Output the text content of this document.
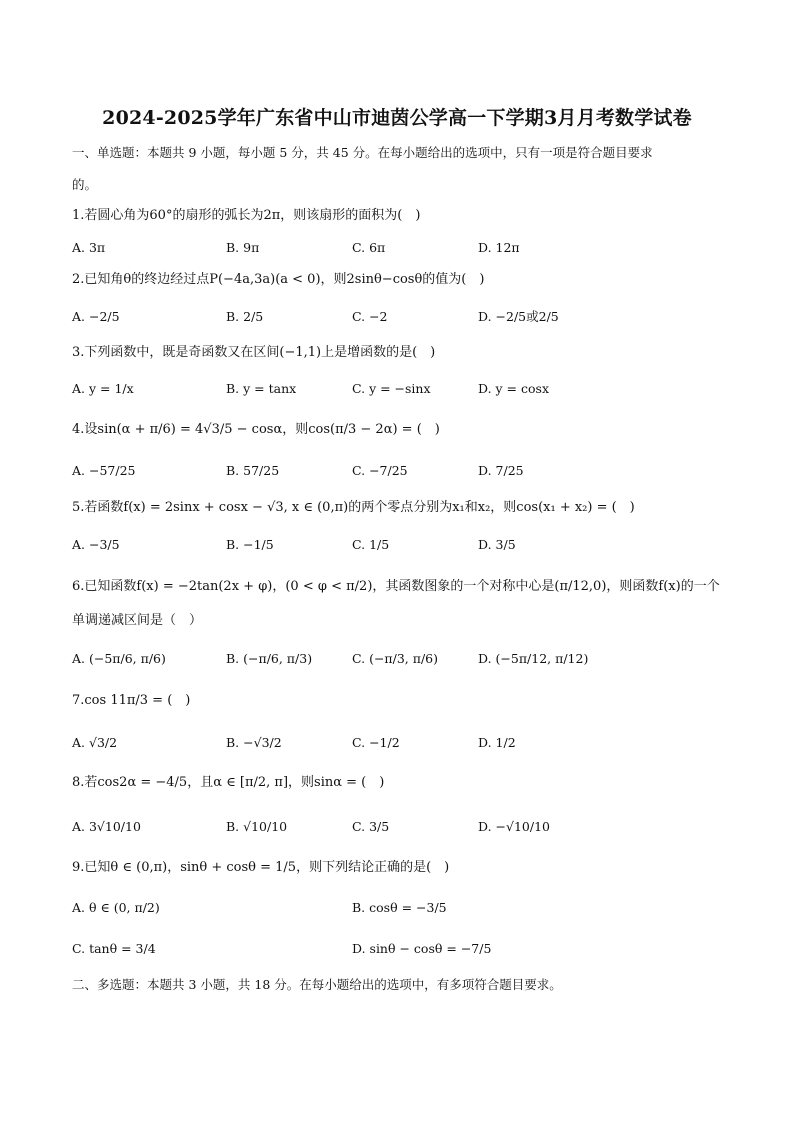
2024-2025学年广东省中山市迪茵公学高一下学期3月月考数学试卷
一、单选题：本题共 9 小题，每小题 5 分，共 45 分。在每小题给出的选项中，只有一项是符合题目要求
的。
1.若圆心角为60°的扇形的弧长为2π，则该扇形的面积为(　)
A. 3π	B. 9π	C. 6π	D. 12π
2.已知角θ的终边经过点P(−4a,3a)(a < 0)，则2sinθ−cosθ的值为(　)
A. −2/5	B. 2/5	C. −2	D. −2/5或2/5
3.下列函数中，既是奇函数又在区间(−1,1)上是增函数的是(　)
A. y = 1/x	B. y = tanx	C. y = −sinx	D. y = cosx
4.设sin(α + π/6) = 4√3/5 − cosα，则cos(π/3 − 2α) = (　)
A. −57/25	B. 57/25	C. −7/25	D. 7/25
5.若函数f(x) = 2sinx + cosx − √3, x ∈ (0,π)的两个零点分别为x₁和x₂，则cos(x₁ + x₂) = (　)
A. −3/5	B. −1/5	C. 1/5	D. 3/5
6.已知函数f(x) = −2tan(2x + φ)，(0 < φ < π/2)，其函数图象的一个对称中心是(π/12,0)，则函数f(x)的一个
单调递减区间是（　）
A. (−5π/6, π/6)	B. (−π/6, π/3)	C. (−π/3, π/6)	D. (−5π/12, π/12)
7.cos 11π/3 = (　)
A. √3/2	B. −√3/2	C. −1/2	D. 1/2
8.若cos2α = −4/5，且α ∈ [π/2, π]，则sinα = (　)
A. 3√10/10	B. √10/10	C. 3/5	D. −√10/10
9.已知θ ∈ (0,π)，sinθ + cosθ = 1/5，则下列结论正确的是(　)
A. θ ∈ (0, π/2)	B. cosθ = −3/5
C. tanθ = 3/4	D. sinθ − cosθ = −7/5
二、多选题：本题共 3 小题，共 18 分。在每小题给出的选项中，有多项符合题目要求。
